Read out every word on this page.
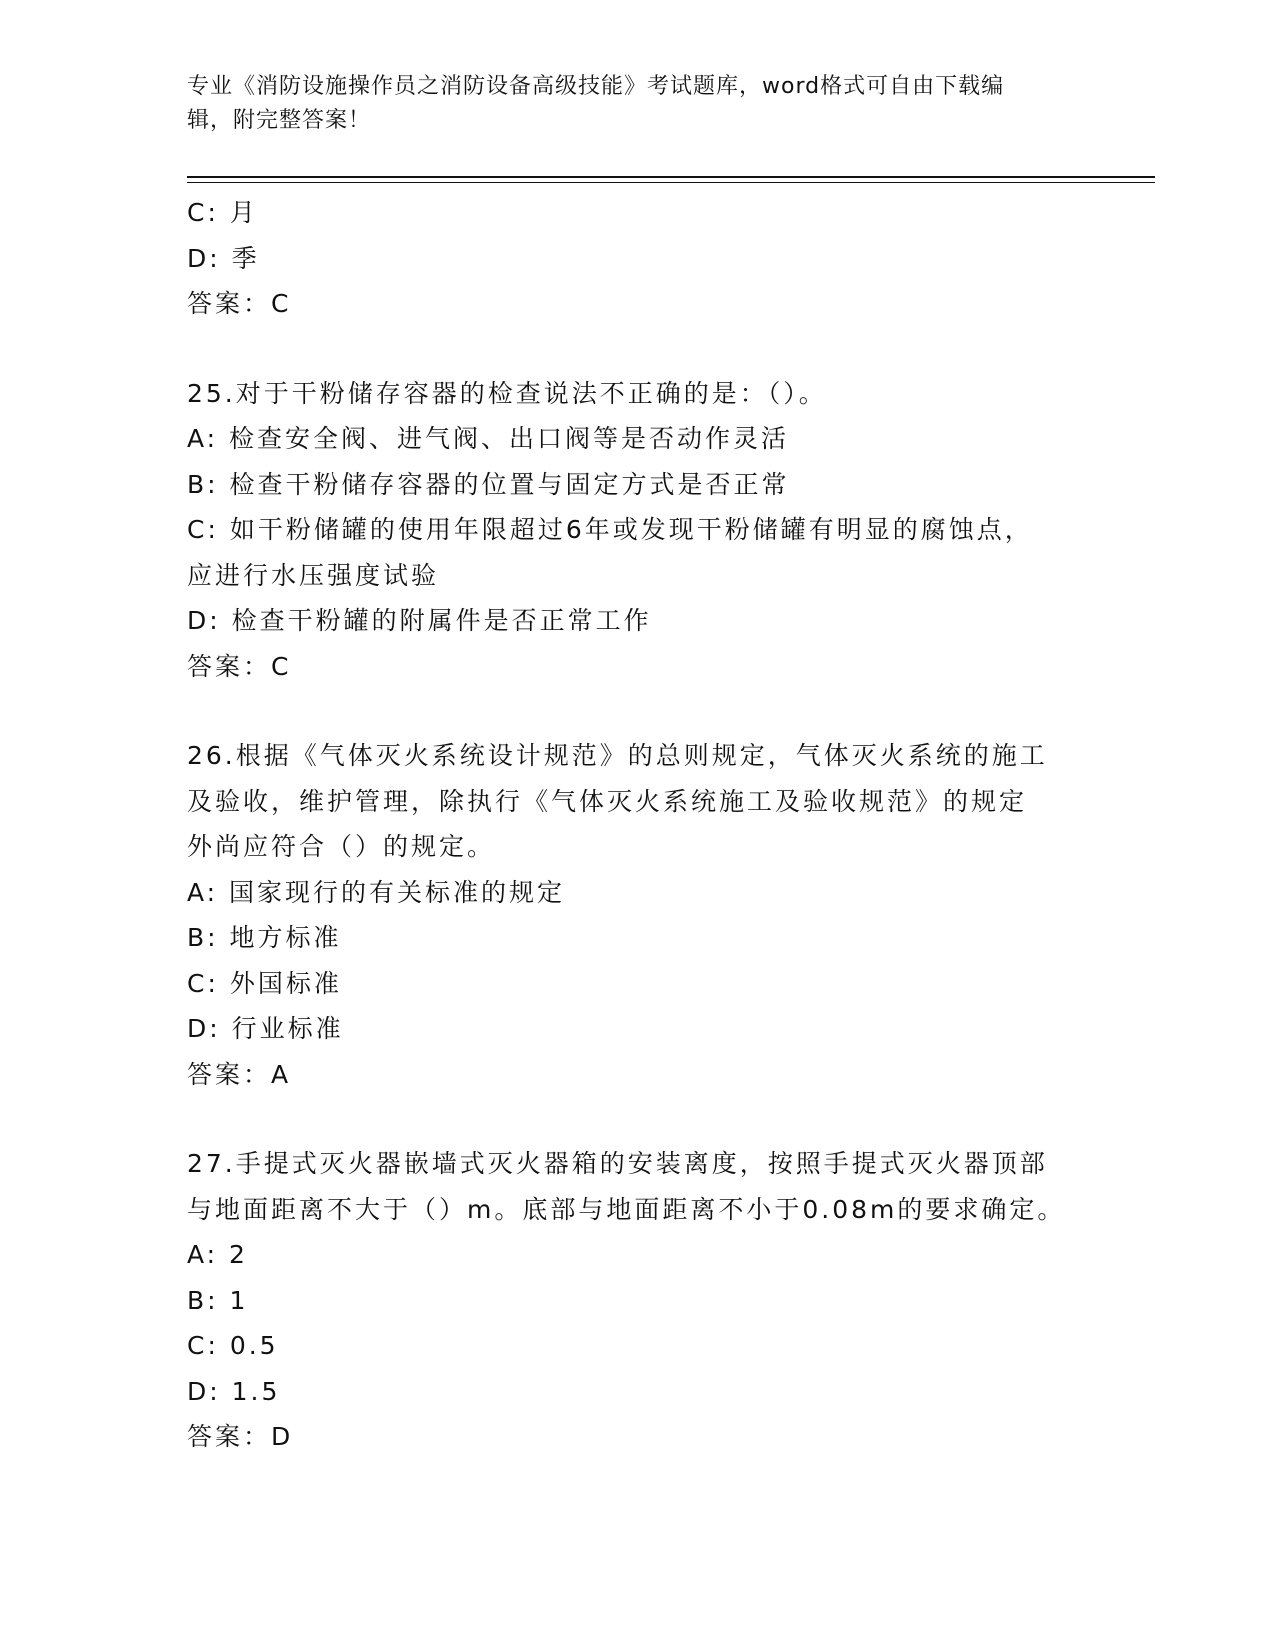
专业《消防设施操作员之消防设备高级技能》考试题库，word格式可自由下载编
辑，附完整答案！
C: 月
D: 季
答案：C
25.对于干粉储存容器的检查说法不正确的是：（）。
A: 检查安全阀、进气阀、出口阀等是否动作灵活
B: 检查干粉储存容器的位置与固定方式是否正常
C: 如干粉储罐的使用年限超过6年或发现干粉储罐有明显的腐蚀点，
应进行水压强度试验
D: 检查干粉罐的附属件是否正常工作
答案：C
26.根据《气体灭火系统设计规范》的总则规定，气体灭火系统的施工
及验收，维护管理，除执行《气体灭火系统施工及验收规范》的规定
外尚应符合（）的规定。
A: 国家现行的有关标准的规定
B: 地方标准
C: 外国标准
D: 行业标准
答案：A
27.手提式灭火器嵌墙式灭火器箱的安装离度，按照手提式灭火器顶部
与地面距离不大于（）m。底部与地面距离不小于0.08m的要求确定。
A: 2
B: 1
C: 0.5
D: 1.5
答案：D
